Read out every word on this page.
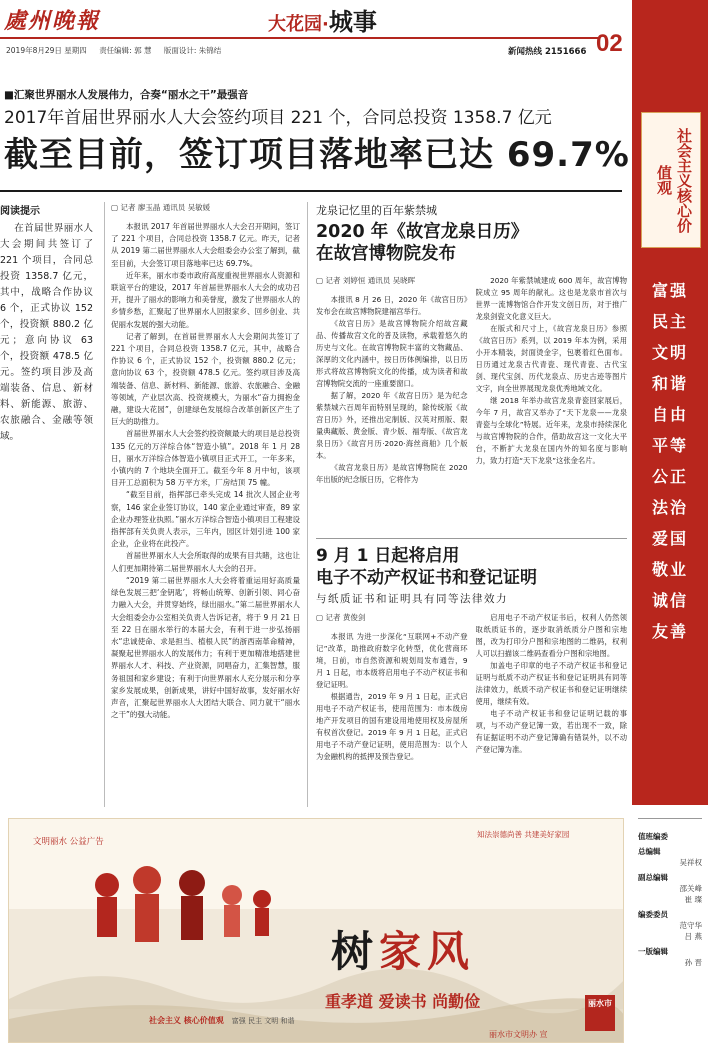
處州晚報	大花园·城事
2019年8月29日 星期四 责任编辑: 郭 慧 版面设计: 朱锦结	新闻热线 2151666 02
■汇聚世界丽水人发展伟力，合奏“丽水之干”最强音
2017年首届世界丽水人大会签约项目 221 个，合同总投资 1358.7 亿元
截至目前，签订项目落地率已达 69.7%
阅读提示
在首届世界丽水人大会期间共签订了 221 个项目，合同总投资 1358.7 亿元，其中，战略合作协议 6 个，正式协议 152 个，投资额 880.2 亿元；意向协议 63 个，投资额 478.5 亿元。签约项目涉及高端装备、信息、新材料、新能源、旅游、农旅融合、金融等领域。
▢ 记者 廖玉晶 通讯员 吴敏媛

本报讯 2017 年首届世界丽水人大会召开期间，签订了 221 个项目，合同总投资 1358.7 亿元。昨天，记者从 2019 第二届世界丽水人大会组委会办公室了解到，截至目前，大会签订项目落地率已达 69.7%。

近年来，丽水市委市政府高度重视世界丽水人资源和联谊平台的建设，2017 年首届世界丽水人大会的成功召开，提升了丽水的影响力和美誉度，激发了世界丽水人的乡情乡愁，汇聚起了世界丽水人回报家乡、回乡创业、共促丽水发展的强大动能。

记者了解到，在首届世界丽水人大会期间共签订了 221 个项目，合同总投资 1358.7 亿元，其中，战略合作协议 6 个，正式协议 152 个，投资额 880.2 亿元；意向协议 63 个，投资额 478.5 亿元。签约项目涉及高端装备、信息、新材料、新能源、旅游、农旅融合、金融等领域，产业层次高、投资规模大，为丽水“奋力拥抱金融，建设大花园”，创建绿色发展综合改革创新区产生了巨大的助推力。

首届世界丽水人大会签约投资额最大的项目是总投资 135 亿元的万洋综合体“智造小镇”。2018 年 1 月 28 日，丽水万洋综合体智造小镇项目正式开工，一年多来，小镇内的 7 个地块全面开工。截至今年 8 月中旬，该项目开工总面积为 58 万平方米，厂房结顶 75 幢。

“截至目前，指挥部已牵头完成 14 批次人园企业考察，146 家企业签订协议，140 家企业通过审查，89 家企业办理签业执照。”丽水万洋综合智造小镇项目工程建设指挥部有关负责人表示，三年内，园区计划引进 100 家企业，企业将在此投产。

首届世界丽水人大会所取得的成果有目共睹，这也让人们更加期待第二届世界丽水人大会的召开。

“2019 第二届世界丽水人大会将着重运用好高质量绿色发展三把‘金钥匙’，将畅山统筹、创新引领、同心奋力融入大会，并贯穿始终，绿出丽水。”第二届世界丽水人大会组委会办公室相关负责人告诉记者，将于 9 月 21 日至 22 日在丽水举行的本届大会，有利于进一步弘扬丽水“忠诚使命、求是担当、植根人民”的浙西南革命精神，凝聚起世界丽水人的发展伟力；有利于更加精准地搭建世界丽水人才、科技、产业资源，同唱奋力，汇集智慧，服务祖国和家乡建设；有利于向世界丽水人充分展示和分享家乡发展成果，创新成果，讲好中国好故事，发好丽水好声音，汇聚起世界丽水人大团结大联合、同力就干“丽水之干”的强大动能。

龙泉记忆里的百年紫禁城
2020 年《故宫龙泉日历》
在故宫博物院发布
▢ 记者 刘婷恒 通讯员 吴晓晖

本报讯 8 月 26 日，2020 年《故宫日历》发布会在故宫博物院建福宫举行。

《故宫日历》是故宫博物院介绍故宫藏品、传播故宫文化的普及读物，承载着悠久的历史与文化。在故宫博物院丰富的文物藏品、深厚的文化内涵中，按日历体例编排，以日历形式将故宫博物院文化的传播，成为读者和故宫博物院交流的一座重要窗口。

据了解，2020 年《故宫日历》是为纪念紫禁城六百周年而特别呈现的，除传统版《故宫日历》外，还推出定制版、汉英对照版、限量典藏版、黄金版、青少版、福寿版、《故宫龙泉日历》《故宫月历·2020·海丝商舶》几个版本。

《故宫龙泉日历》是故宫博物院在 2020 年出版的纪念版日历，它将作为

2020 年紫禁城建成 600 周年，故宫博物院成立 95 周年的献礼。这也是龙泉市首次与世界一流博物馆合作开发文创日历，对于推广龙泉剑瓷文化意义巨大。

在版式和尺寸上，《故宫龙泉日历》参照《故宫日历》系列，以 2019 年本为例，采用小开本精装，封面烫金字，包裹着红色面布。日历通过龙泉古代青瓷、现代青瓷、古代宝剑、现代宝剑、历代龙泉点、历史古迹等图片文字，向全世界展现龙泉优秀地域文化。

继 2018 年举办故宫龙泉青瓷回家展后，今年 7 月，故宫又举办了“天下龙泉——龙泉青瓷与全球化”特展。近年来，龙泉市持续深化与故宫博物院的合作，借助故宫这一文化大平台，不断扩大龙泉在国内外的知名度与影响力，致力打造“天下龙泉”这张金名片。

9 月 1 日起将启用
电子不动产权证书和登记证明
与纸质证书和证明具有同等法律效力
▢ 记者 黄俊剑

本报讯 为进一步深化“互联网+不动产登记”改革，助推政府数字化转型，优化营商环境，日前，市自然资源和规划局发布通告，9 月 1 日起，市本级将启用电子不动产权证书和登记证明。

根据通告，2019 年 9 月 1 日起，正式启用电子不动产权证书，使用范围为：市本级房地产开发项目的国有建设用地使用权及房屋所有权首次登记。2019 年 9 月 1 日起，正式启用电子不动产登记证明，使用范围为：以个人为金融机构的抵押及预告登记。

启用电子不动产权证书后，权利人仍然领取纸质证书的，逐步取消纸质分户图和宗地图，改为打印分户图和宗地图的二维码，权利人可以扫描该二维码查看分户图和宗地图。

加盖电子印章的电子不动产权证书和登记证明与纸质不动产权证书和登记证明具有同等法律效力，纸质不动产权证书和登记证明继续使用，继续有效。

电子不动产权证书和登记证明记载的事项，与不动产登记簿一致，若出现不一致，除有证据证明不动产登记簿确有错误外，以不动产登记簿为准。

社会主义核心价值观
富强
民主
文明
和谐
自由
平等
公正
法治
爱国
敬业
诚信
友善
文明丽水 公益广告
知法崇德尚善 共建美好家园
树家风
重孝道 爱读书 尚勤俭
社会主义 核心价值观 富强 民主 文明 和谐
丽水市
丽水市文明办 宣
值班编委
总编辑
吴祥权
副总编辑
邵关峰
崔 璨
编委委员
范守华
吕 燕
一版编辑
孙 晋
